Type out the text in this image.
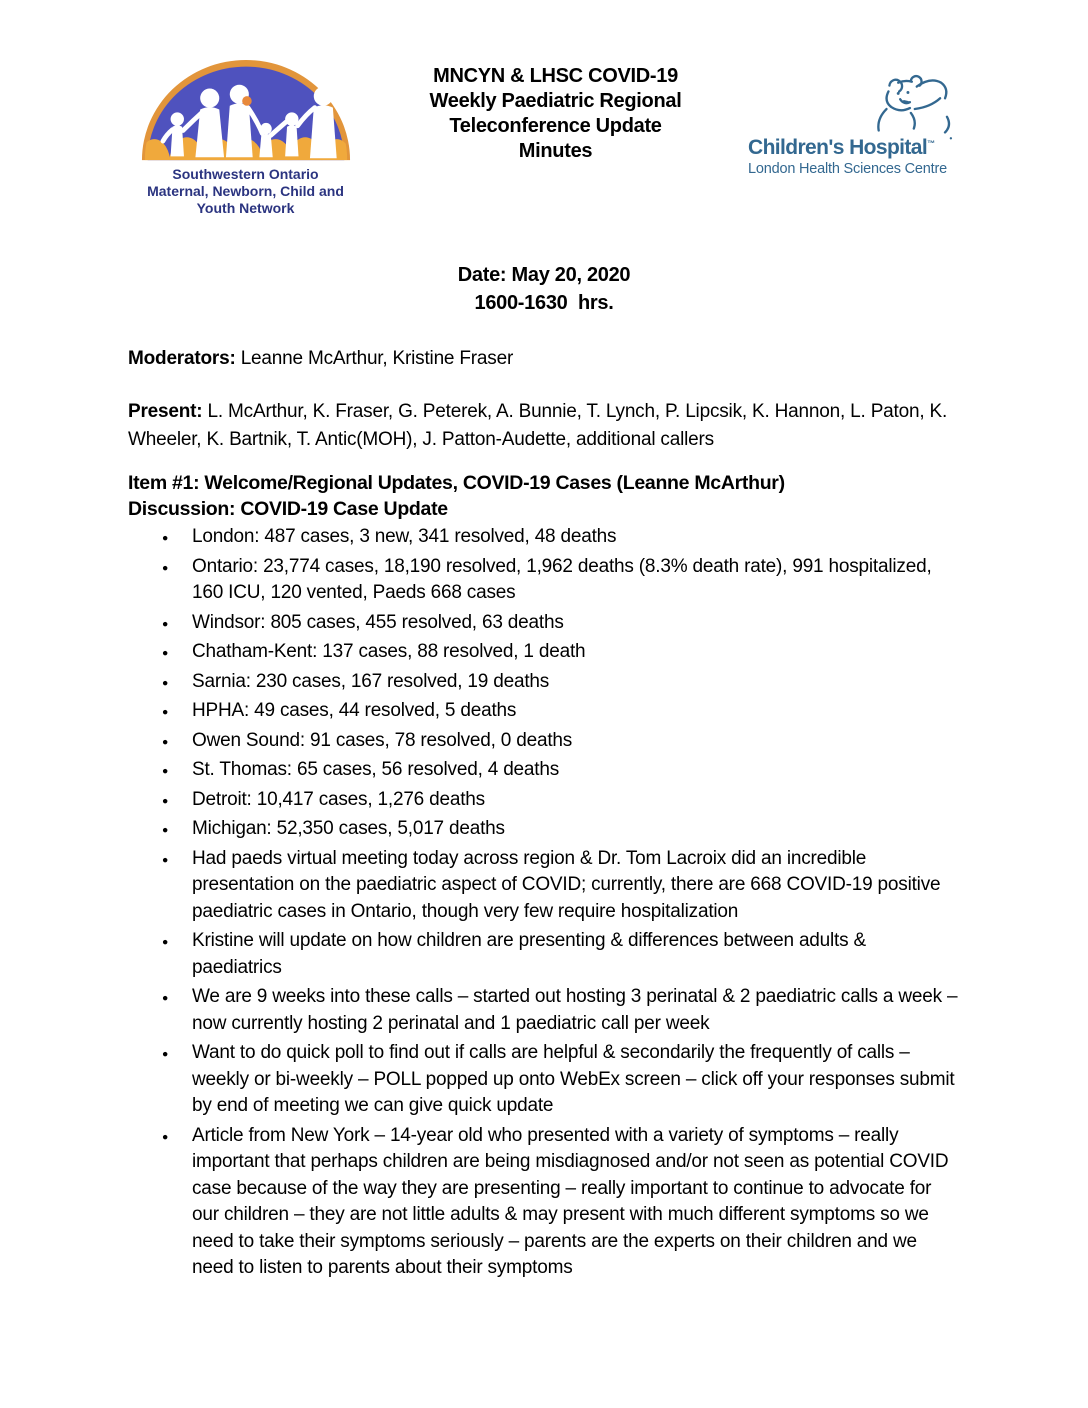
Southwestern Ontario
Maternal, Newborn, Child and Youth Network
MNCYN & LHSC COVID-19
Weekly Paediatric Regional
Teleconference Update
Minutes	Children's Hospital™
London Health Sciences Centre
Date: May 20, 2020
1600-1630  hrs.

Moderators: Leanne McArthur, Kristine Fraser

Present: L. McArthur, K. Fraser, G. Peterek, A. Bunnie, T. Lynch, P. Lipcsik, K. Hannon, L. Paton, K. Wheeler, K. Bartnik, T. Antic(MOH), J. Patton-Audette, additional callers

Item #1: Welcome/Regional Updates, COVID-19 Cases (Leanne McArthur)
Discussion: COVID-19 Case Update
● London: 487 cases, 3 new, 341 resolved, 48 deaths
● Ontario: 23,774 cases, 18,190 resolved, 1,962 deaths (8.3% death rate), 991 hospitalized, 160 ICU, 120 vented, Paeds 668 cases
● Windsor: 805 cases, 455 resolved, 63 deaths
● Chatham-Kent: 137 cases, 88 resolved, 1 death
● Sarnia: 230 cases, 167 resolved, 19 deaths
● HPHA: 49 cases, 44 resolved, 5 deaths
● Owen Sound: 91 cases, 78 resolved, 0 deaths
● St. Thomas: 65 cases, 56 resolved, 4 deaths
● Detroit: 10,417 cases, 1,276 deaths
● Michigan: 52,350 cases, 5,017 deaths
● Had paeds virtual meeting today across region & Dr. Tom Lacroix did an incredible presentation on the paediatric aspect of COVID; currently, there are 668 COVID-19 positive paediatric cases in Ontario, though very few require hospitalization
● Kristine will update on how children are presenting & differences between adults & paediatrics
● We are 9 weeks into these calls – started out hosting 3 perinatal & 2 paediatric calls a week – now currently hosting 2 perinatal and 1 paediatric call per week
● Want to do quick poll to find out if calls are helpful & secondarily the frequently of calls – weekly or bi-weekly – POLL popped up onto WebEx screen – click off your responses submit by end of meeting we can give quick update
● Article from New York – 14-year old who presented with a variety of symptoms – really important that perhaps children are being misdiagnosed and/or not seen as potential COVID case because of the way they are presenting – really important to continue to advocate for our children – they are not little adults & may present with much different symptoms so we need to take their symptoms seriously – parents are the experts on their children and we need to listen to parents about their symptoms
